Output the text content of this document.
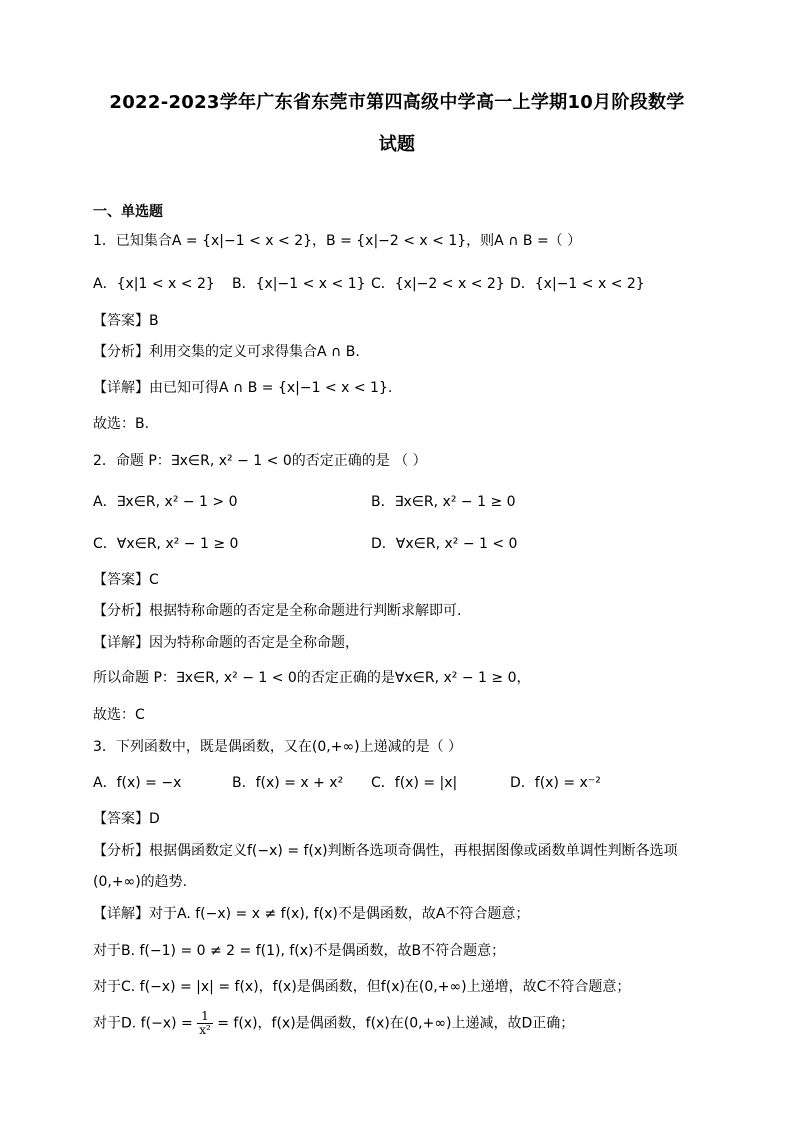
2022-2023学年广东省东莞市第四高级中学高一上学期10月阶段数学
试题
一、单选题
1．已知集合A = {x|−1 < x < 2}，B = {x|−2 < x < 1}，则A ∩ B =（ ）
A．{x|1 < x < 2} B．{x|−1 < x < 1} C．{x|−2 < x < 2} D．{x|−1 < x < 2}
【答案】B
【分析】利用交集的定义可求得集合A ∩ B.
【详解】由已知可得A ∩ B = {x|−1 < x < 1}.
故选：B.
2．命题 P：∃x∈R, x² − 1 < 0的否定正确的是 （ ）
A．∃x∈R, x² − 1 > 0	B．∃x∈R, x² − 1 ≥ 0
C．∀x∈R, x² − 1 ≥ 0	D．∀x∈R, x² − 1 < 0
【答案】C
【分析】根据特称命题的否定是全称命题进行判断求解即可.
【详解】因为特称命题的否定是全称命题，
所以命题 P：∃x∈R, x² − 1 < 0的否定正确的是∀x∈R, x² − 1 ≥ 0，
故选：C
3．下列函数中，既是偶函数，又在(0,+∞)上递减的是（ ）
A．f(x) = −x	B．f(x) = x + x² C．f(x) = |x|	D．f(x) = x⁻²
【答案】D
【分析】根据偶函数定义f(−x) = f(x)判断各选项奇偶性，再根据图像或函数单调性判断各选项
(0,+∞)的趋势.
【详解】对于A. f(−x) = x ≠ f(x), f(x)不是偶函数，故A不符合题意；
对于B. f(−1) = 0 ≠ 2 = f(1), f(x)不是偶函数，故B不符合题意；
对于C. f(−x) = |x| = f(x)，f(x)是偶函数，但f(x)在(0,+∞)上递增，故C不符合题意；
对于D. $f(-x) = \frac{1}{\text{x²}} = f(x)$，f(x)是偶函数，f(x)在(0,+∞)上递减，故D正确；
